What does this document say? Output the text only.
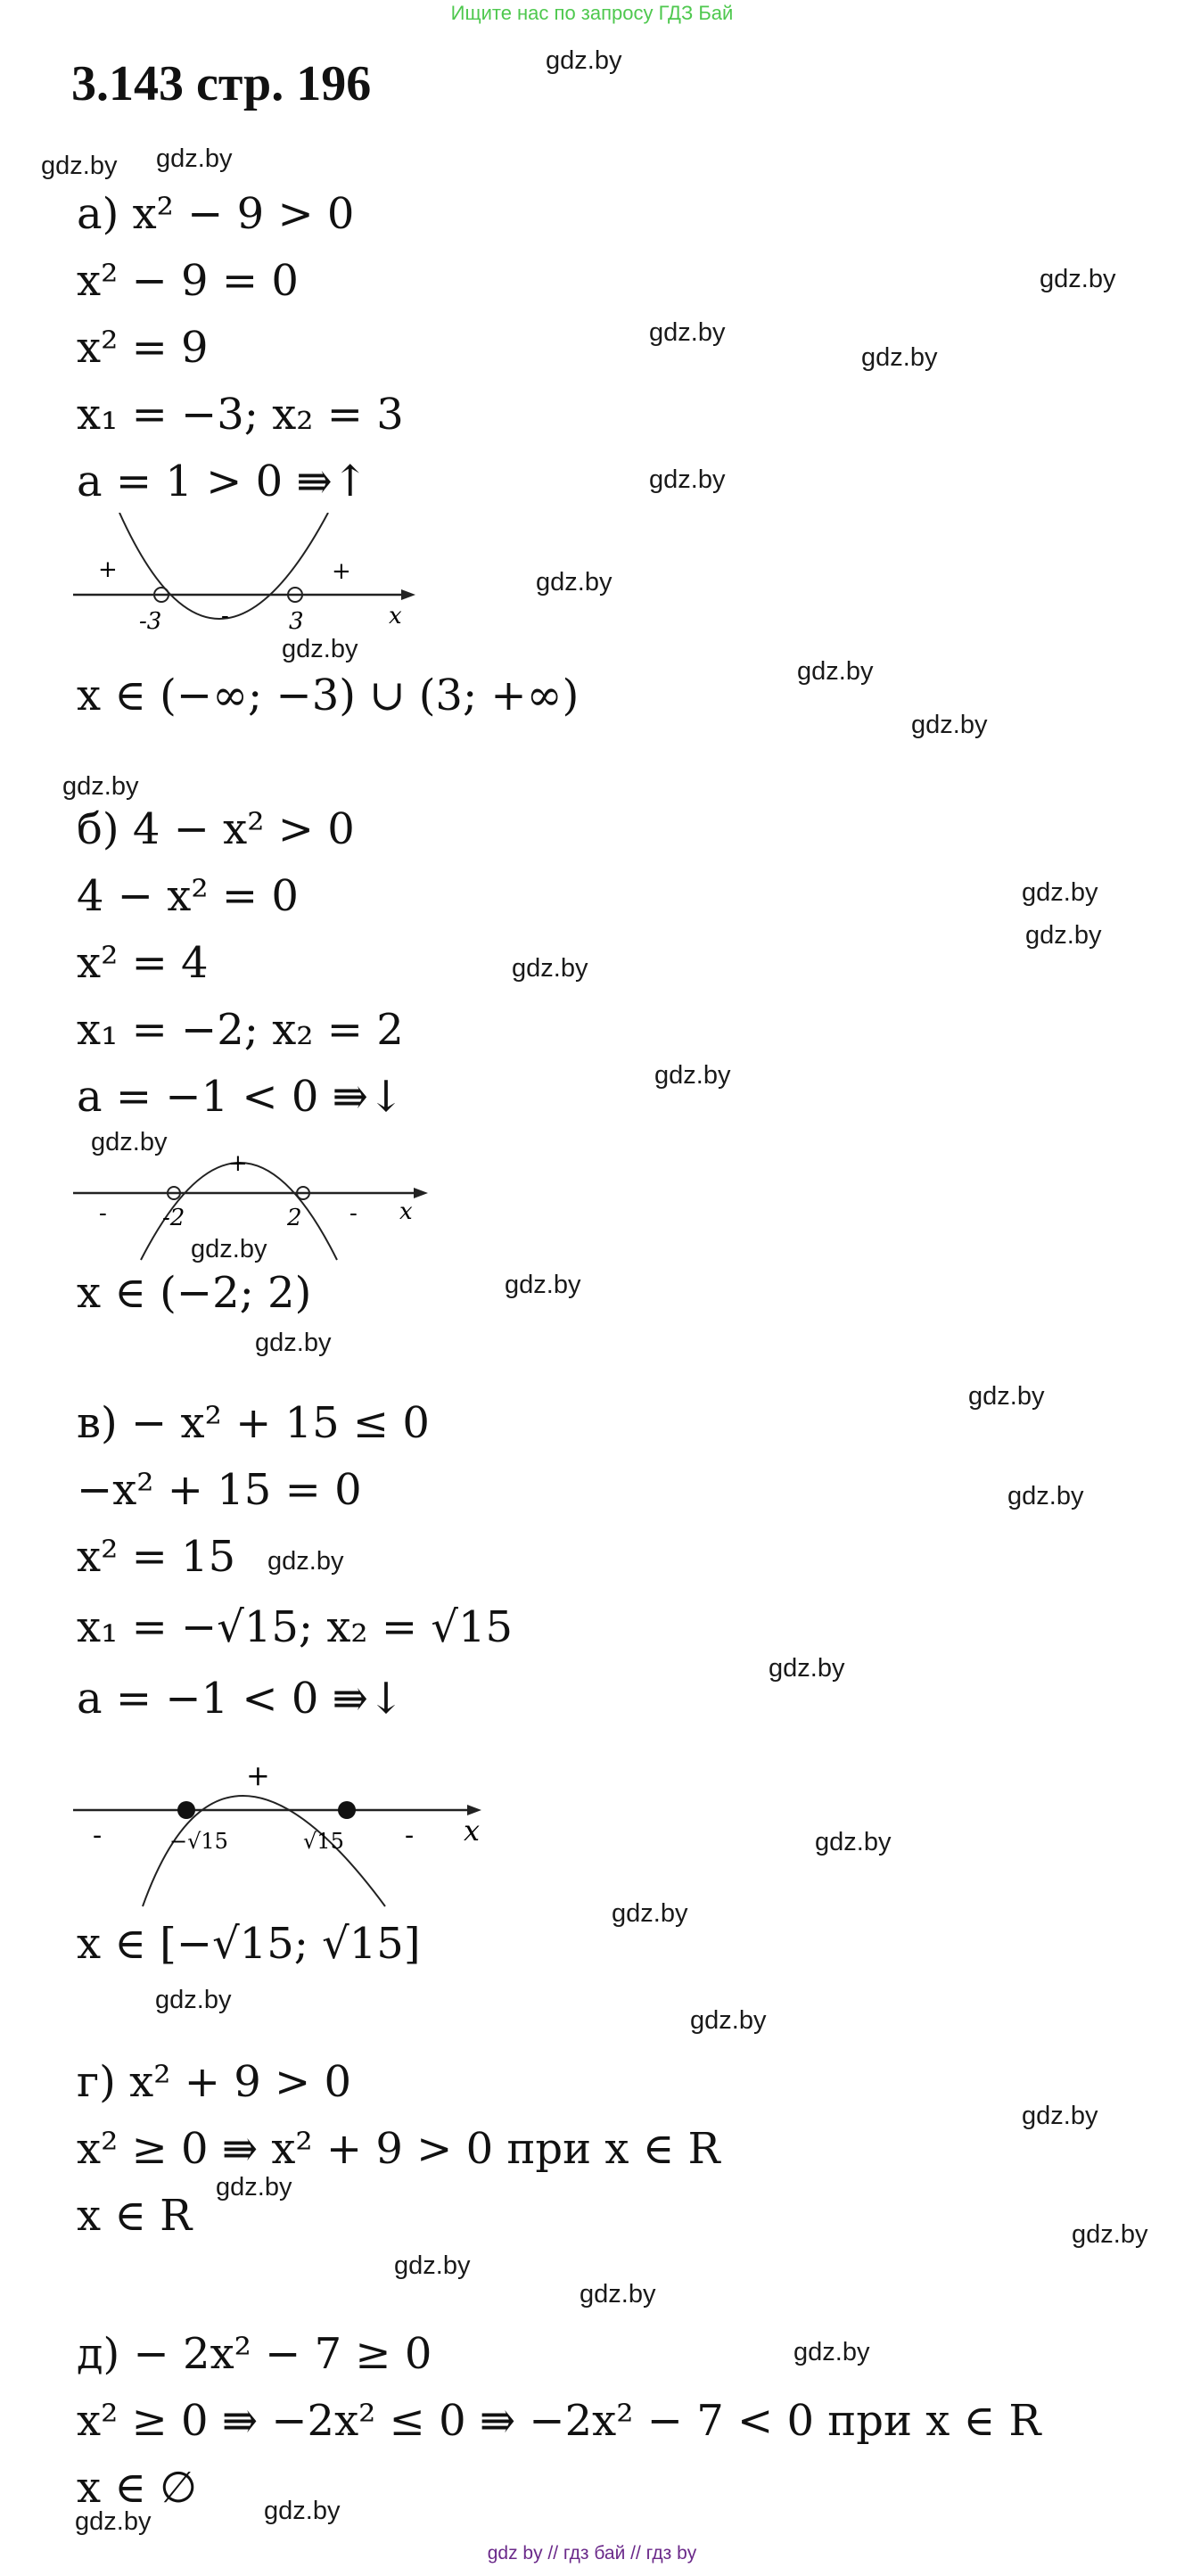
Ищите нас по запросу ГДЗ Бай
3.143 стр. 196
а) x² − 9 > 0
x² − 9 = 0
x² = 9
x₁ = −3; x₂ = 3
a = 1 > 0 ⇛↑
+
-
+
-3	3	x
x ∈ (−∞; −3) ∪ (3; +∞)
б) 4 − x² > 0
4 − x² = 0
x² = 4
x₁ = −2; x₂ = 2
a = −1 < 0 ⇛↓
-
+
-
-2	2	x
x ∈ (−2; 2)
в) − x² + 15 ≤ 0
−x² + 15 = 0
x² = 15
x₁ = −√15; x₂ = √15
a = −1 < 0 ⇛↓
-
+
-
−√15	√15	x
x ∈ [−√15; √15]
г) x² + 9 > 0
x² ≥ 0 ⇛ x² + 9 > 0 при x ∈ R
x ∈ R
д) − 2x² − 7 ≥ 0
x² ≥ 0 ⇛ −2x² ≤ 0 ⇛ −2x² − 7 < 0 при x ∈ R
x ∈ ∅
gdz.by
gdz.by gdz.by
gdz.by
gdz.by
gdz.by
gdz.by
gdz.by
gdz.by
gdz.by
gdz.by
gdz.by
gdz.by
gdz.by
gdz.by
gdz.by
gdz.by
gdz.by
gdz.by
gdz.by
gdz.by
gdz.by
gdz.by
gdz.by
gdz.by
gdz.by
gdz.by
gdz.by
gdz.by
gdz.by
gdz.by
gdz.by
gdz.by
gdz.by
gdz.by	gdz.by
gdz by // гдз бай // гдз by
